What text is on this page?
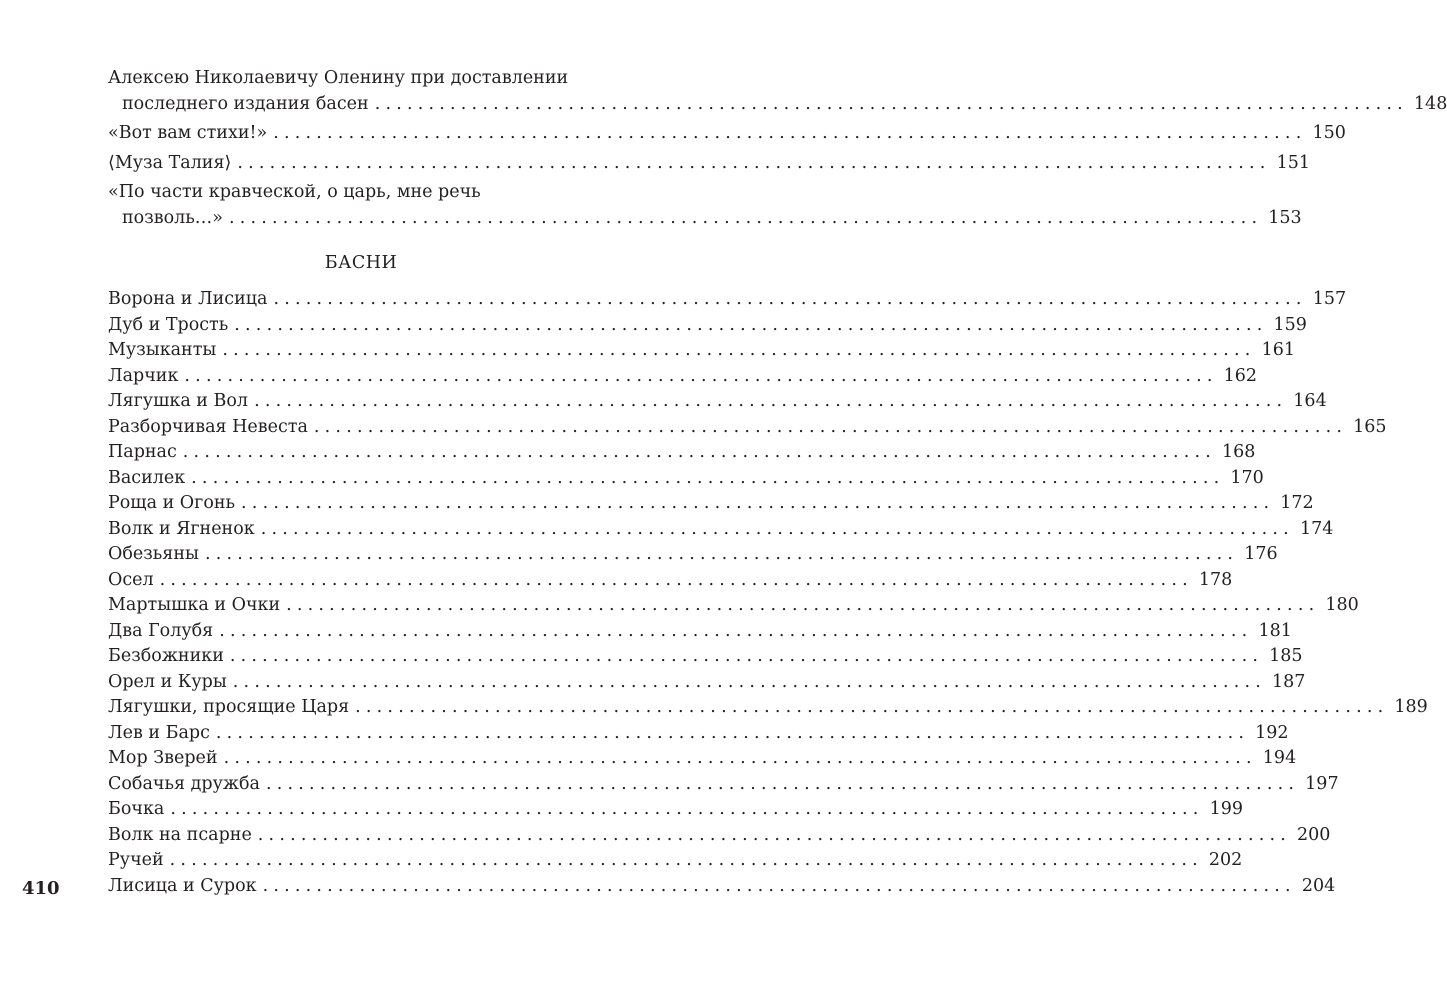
410
Алексею Николаевичу Оленину при доставлении
последнего издания басен ................................................................................................ 148
«Вот вам стихи!» ................................................................................................ 150
⟨Муза Талия⟩ ................................................................................................ 151
«По части кравческой, о царь, мне речь
позволь…» ................................................................................................ 153
БАСНИ
Ворона и Лисица ................................................................................................ 157
Дуб и Трость ................................................................................................ 159
Музыканты ................................................................................................ 161
Ларчик ................................................................................................ 162
Лягушка и Вол ................................................................................................ 164
Разборчивая Невеста ................................................................................................ 165
Парнас ................................................................................................ 168
Василек ................................................................................................ 170
Роща и Огонь ................................................................................................ 172
Волк и Ягненок ................................................................................................ 174
Обезьяны ................................................................................................ 176
Осел ................................................................................................ 178
Мартышка и Очки ................................................................................................ 180
Два Голубя ................................................................................................ 181
Безбожники ................................................................................................ 185
Орел и Куры ................................................................................................ 187
Лягушки, просящие Царя ................................................................................................ 189
Лев и Барс ................................................................................................ 192
Мор Зверей ................................................................................................ 194
Собачья дружба ................................................................................................ 197
Бочка ................................................................................................ 199
Волк на псарне ................................................................................................ 200
Ручей ................................................................................................ 202
Лисица и Сурок ................................................................................................ 204
